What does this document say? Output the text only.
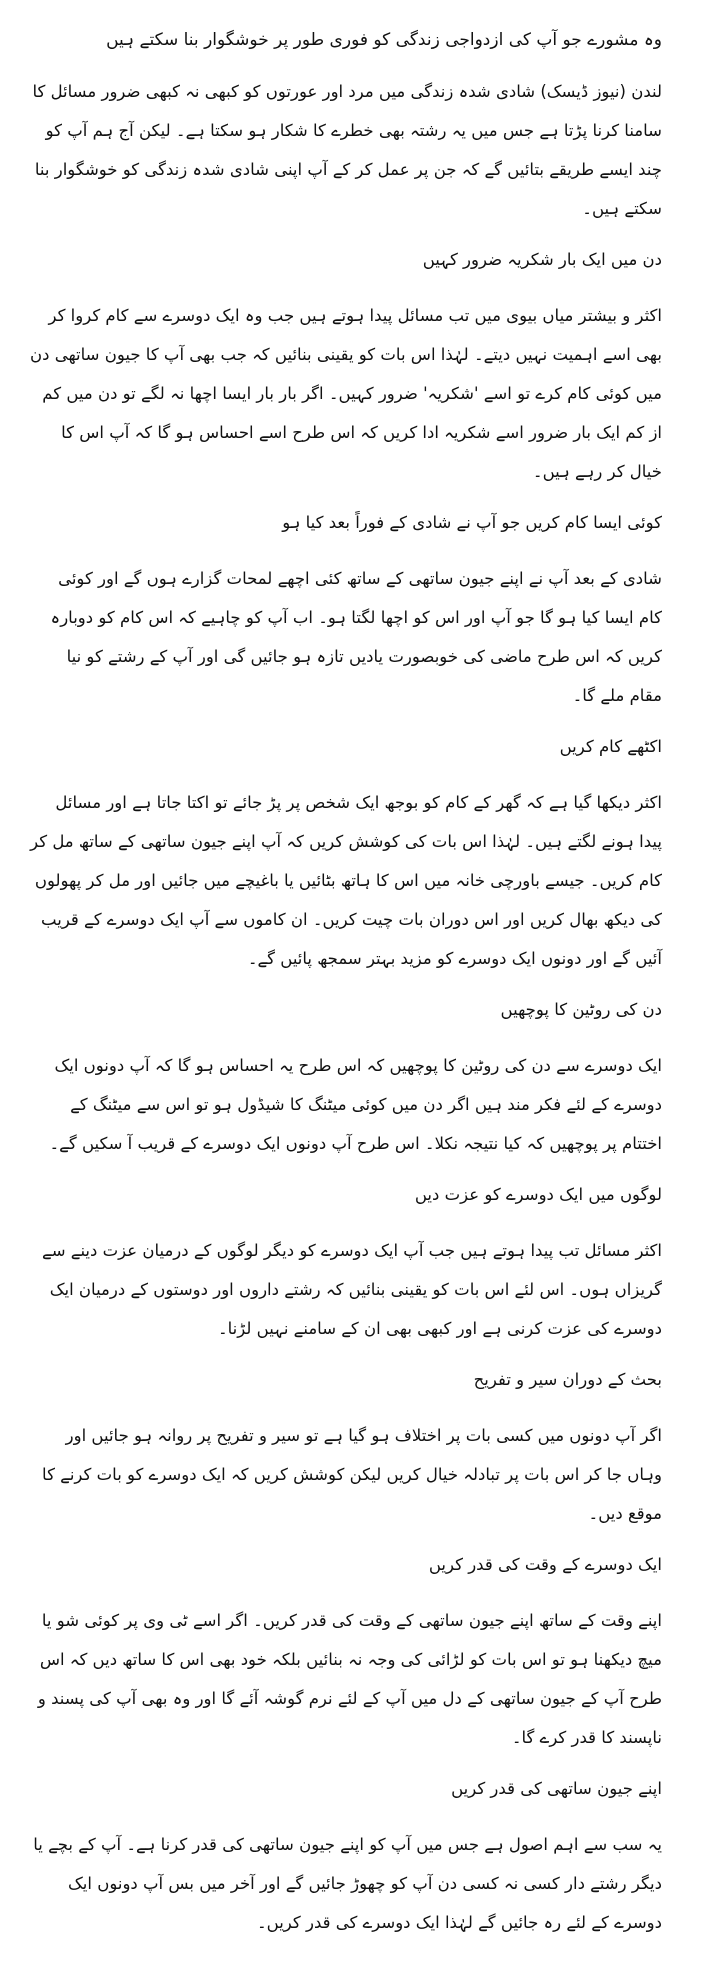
وہ مشورے جو آپ کی ازدواجی زندگی کو فوری طور پر خوشگوار بنا سکتے ہیں

لندن (نیوز ڈیسک) شادی شدہ زندگی میں مرد اور عورتوں کو کبھی نہ کبھی ضرور مسائل کا سامنا کرنا پڑتا ہے جس میں یہ رشتہ بھی خطرے کا شکار ہو سکتا ہے۔ لیکن آج ہم آپ کو چند ایسے طریقے بتائیں گے کہ جن پر عمل کر کے آپ اپنی شادی شدہ زندگی کو خوشگوار بنا سکتے ہیں۔

دن میں ایک بار شکریہ ضرور کہیں

اکثر و بیشتر میاں بیوی میں تب مسائل پیدا ہوتے ہیں جب وہ ایک دوسرے سے کام کروا کر بھی اسے اہمیت نہیں دیتے۔ لہٰذا اس بات کو یقینی بنائیں کہ جب بھی آپ کا جیون ساتھی دن میں کوئی کام کرے تو اسے 'شکریہ' ضرور کہیں۔ اگر بار بار ایسا اچھا نہ لگے تو دن میں کم از کم ایک بار ضرور اسے شکریہ ادا کریں کہ اس طرح اسے احساس ہو گا کہ آپ اس کا خیال کر رہے ہیں۔

کوئی ایسا کام کریں جو آپ نے شادی کے فوراً بعد کیا ہو

شادی کے بعد آپ نے اپنے جیون ساتھی کے ساتھ کئی اچھے لمحات گزارے ہوں گے اور کوئی کام ایسا کیا ہو گا جو آپ اور اس کو اچھا لگتا ہو۔ اب آپ کو چاہیے کہ اس کام کو دوبارہ کریں کہ اس طرح ماضی کی خوبصورت یادیں تازہ ہو جائیں گی اور آپ کے رشتے کو نیا مقام ملے گا۔

اکٹھے کام کریں

اکثر دیکھا گیا ہے کہ گھر کے کام کو بوجھ ایک شخص پر پڑ جائے تو اکتا جاتا ہے اور مسائل پیدا ہونے لگتے ہیں۔ لہٰذا اس بات کی کوشش کریں کہ آپ اپنے جیون ساتھی کے ساتھ مل کر کام کریں۔ جیسے باورچی خانہ میں اس کا ہاتھ بٹائیں یا باغیچے میں جائیں اور مل کر پھولوں کی دیکھ بھال کریں اور اس دوران بات چیت کریں۔ ان کاموں سے آپ ایک دوسرے کے قریب آئیں گے اور دونوں ایک دوسرے کو مزید بہتر سمجھ پائیں گے۔

دن کی روٹین کا پوچھیں

ایک دوسرے سے دن کی روٹین کا پوچھیں کہ اس طرح یہ احساس ہو گا کہ آپ دونوں ایک دوسرے کے لئے فکر مند ہیں اگر دن میں کوئی میٹنگ کا شیڈول ہو تو اس سے میٹنگ کے اختتام پر پوچھیں کہ کیا نتیجہ نکلا۔ اس طرح آپ دونوں ایک دوسرے کے قریب آ سکیں گے۔

لوگوں میں ایک دوسرے کو عزت دیں

اکثر مسائل تب پیدا ہوتے ہیں جب آپ ایک دوسرے کو دیگر لوگوں کے درمیان عزت دینے سے گریزاں ہوں۔ اس لئے اس بات کو یقینی بنائیں کہ رشتے داروں اور دوستوں کے درمیان ایک دوسرے کی عزت کرنی ہے اور کبھی بھی ان کے سامنے نہیں لڑنا۔

بحث کے دوران سیر و تفریح

اگر آپ دونوں میں کسی بات پر اختلاف ہو گیا ہے تو سیر و تفریح پر روانہ ہو جائیں اور وہاں جا کر اس بات پر تبادلہ خیال کریں لیکن کوشش کریں کہ ایک دوسرے کو بات کرنے کا موقع دیں۔

ایک دوسرے کے وقت کی قدر کریں

اپنے وقت کے ساتھ اپنے جیون ساتھی کے وقت کی قدر کریں۔ اگر اسے ٹی وی پر کوئی شو یا میچ دیکھنا ہو تو اس بات کو لڑائی کی وجہ نہ بنائیں بلکہ خود بھی اس کا ساتھ دیں کہ اس طرح آپ کے جیون ساتھی کے دل میں آپ کے لئے نرم گوشہ آئے گا اور وہ بھی آپ کی پسند و ناپسند کا قدر کرے گا۔

اپنے جیون ساتھی کی قدر کریں

یہ سب سے اہم اصول ہے جس میں آپ کو اپنے جیون ساتھی کی قدر کرنا ہے۔ آپ کے بچے یا دیگر رشتے دار کسی نہ کسی دن آپ کو چھوڑ جائیں گے اور آخر میں بس آپ دونوں ایک دوسرے کے لئے رہ جائیں گے لہٰذا ایک دوسرے کی قدر کریں۔
